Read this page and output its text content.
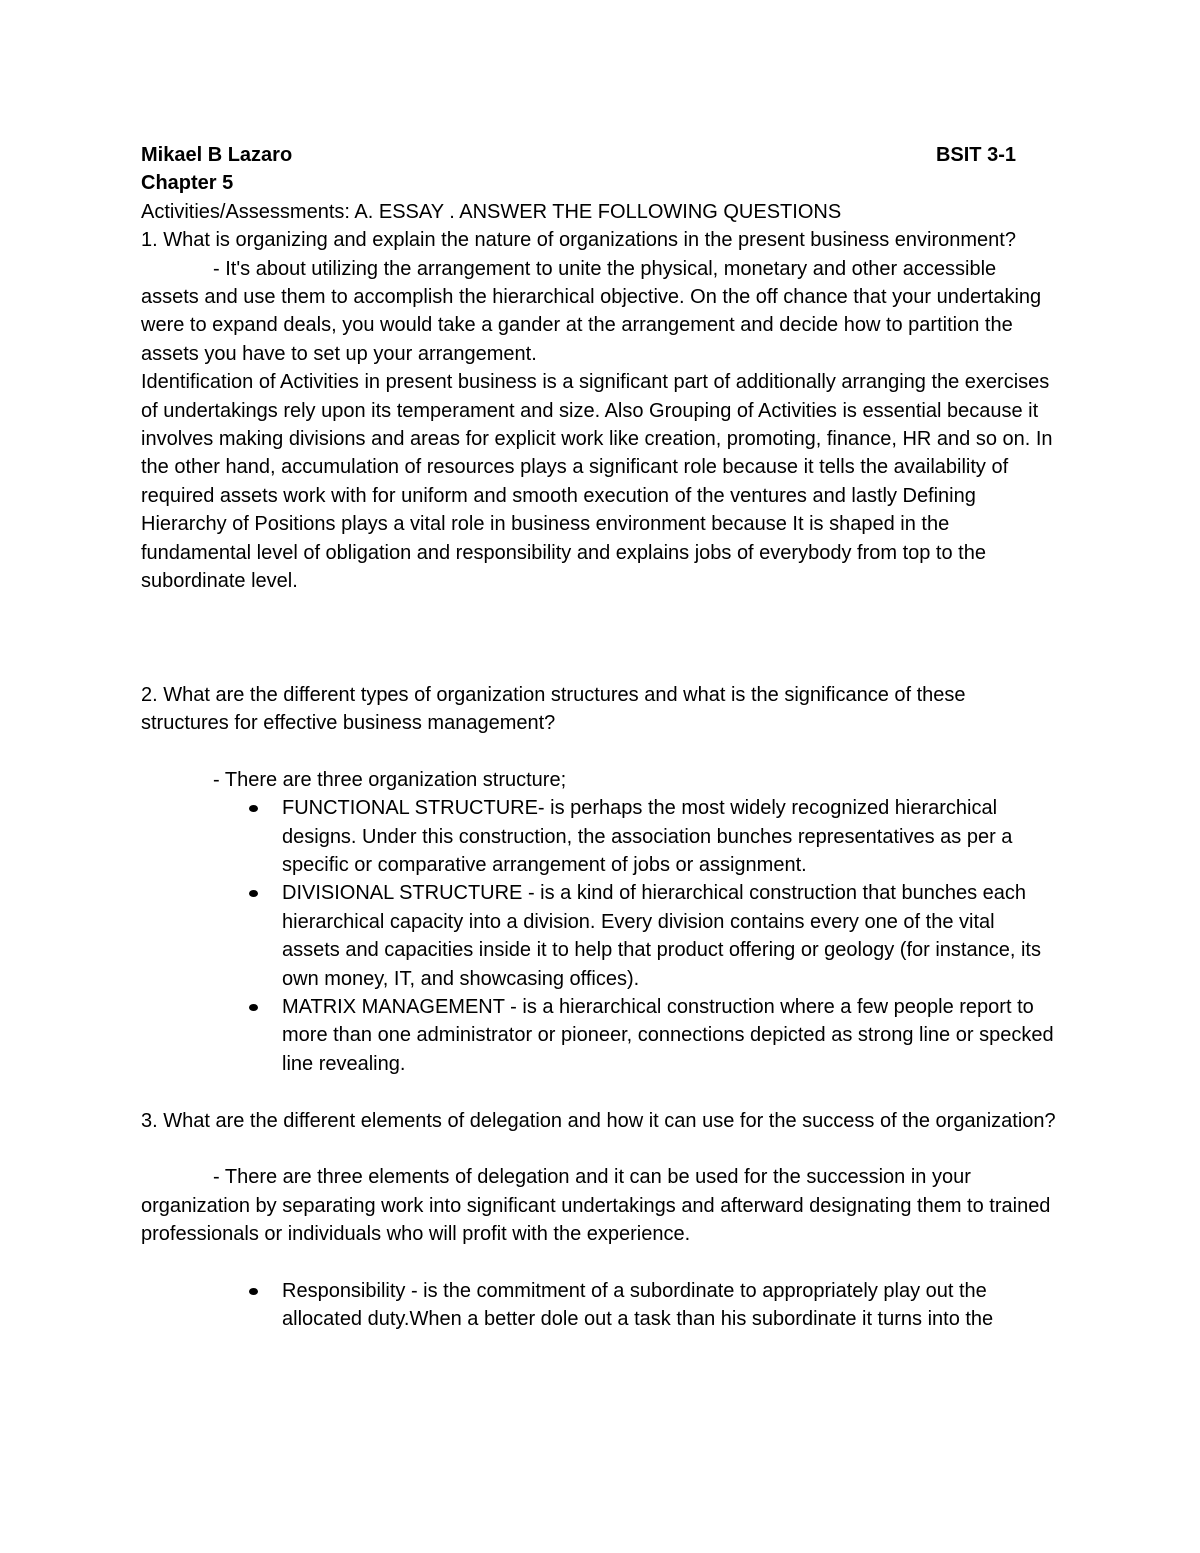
Mikael B Lazaro	BSIT 3-1

Chapter 5

Activities/Assessments: A. ESSAY . ANSWER THE FOLLOWING QUESTIONS

1. What is organizing and explain the nature of organizations in the present business environment?

- It's about utilizing the arrangement to unite the physical, monetary and other accessible assets and use them to accomplish the hierarchical objective. On the off chance that your undertaking were to expand deals, you would take a gander at the arrangement and decide how to partition the assets you have to set up your arrangement.

Identification of Activities in present business is a significant part of additionally arranging the exercises of undertakings rely upon its temperament and size. Also Grouping of Activities is essential because it involves making divisions and areas for explicit work like creation, promoting, finance, HR and so on. In the other hand, accumulation of resources plays a significant role because it tells the availability of required assets work with for uniform and smooth execution of the ventures and lastly Defining Hierarchy of Positions plays a vital role in business environment because It is shaped in the fundamental level of obligation and responsibility and explains jobs of everybody from top to the subordinate level.

2. What are the different types of organization structures and what is the significance of these structures for effective business management?

- There are three organization structure;

FUNCTIONAL STRUCTURE- is perhaps the most widely recognized hierarchical designs. Under this construction, the association bunches representatives as per a specific or comparative arrangement of jobs or assignment.
DIVISIONAL STRUCTURE - is a kind of hierarchical construction that bunches each hierarchical capacity into a division. Every division contains every one of the vital assets and capacities inside it to help that product offering or geology (for instance, its own money, IT, and showcasing offices).
MATRIX MANAGEMENT - is a hierarchical construction where a few people report to more than one administrator or pioneer, connections depicted as strong line or specked line revealing.

3. What are the different elements of delegation and how it can use for the success of the organization?

- There are three elements of delegation and it can be used for the succession in your organization by separating work into significant undertakings and afterward designating them to trained professionals or individuals who will profit with the experience.

Responsibility - is the commitment of a subordinate to appropriately play out the allocated duty.When a better dole out a task than his subordinate it turns into the
